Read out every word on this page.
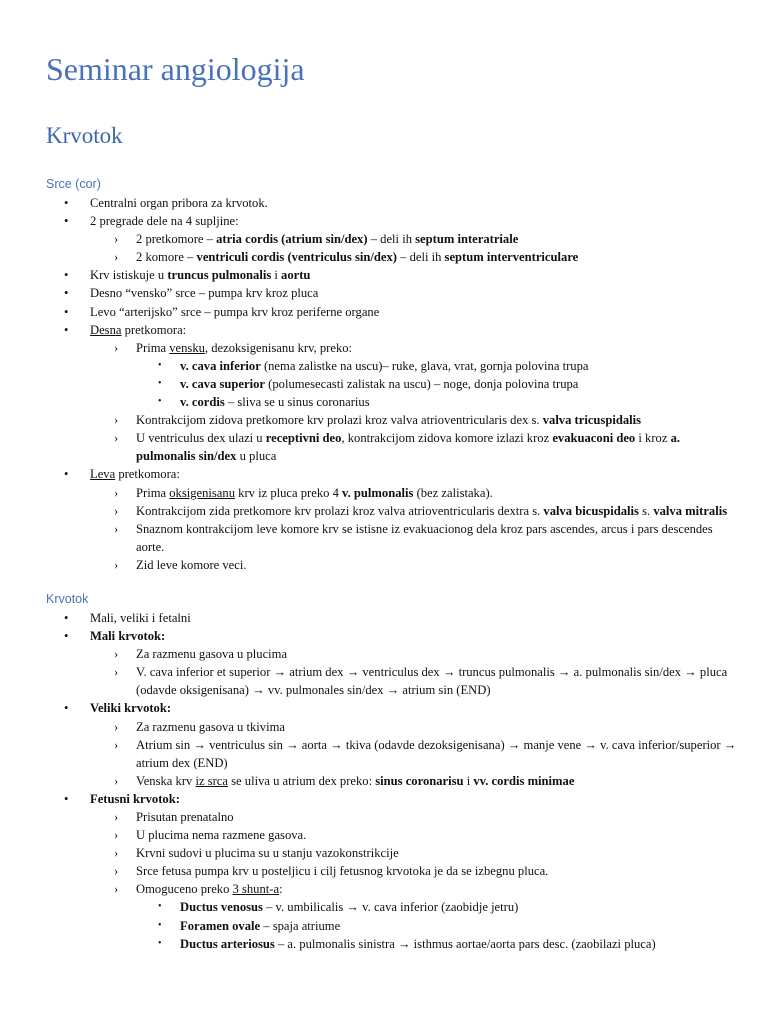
Seminar angiologija
Krvotok
Srce (cor)
• Centralni organ pribora za krvotok.
• 2 pregrade dele na 4 supljine:
› 2 pretkomore – atria cordis (atrium sin/dex) – deli ih septum interatriale
› 2 komore – ventriculi cordis (ventriculus sin/dex) – deli ih septum interventriculare
• Krv istiskuje u truncus pulmonalis i aortu
• Desno “vensko” srce – pumpa krv kroz pluca
• Levo “arterijsko” srce – pumpa krv kroz periferne organe
• Desna pretkomora:
› Prima vensku, dezoksigenisanu krv, preko:
• v. cava inferior (nema zalistke na uscu)– ruke, glava, vrat, gornja polovina trupa
• v. cava superior (polumesecasti zalistak na uscu) – noge, donja polovina trupa
• v. cordis – sliva se u sinus coronarius
› Kontrakcijom zidova pretkomore krv prolazi kroz valva atrioventricularis dex s. valva tricuspidalis
› U ventriculus dex ulazi u receptivni deo, kontrakcijom zidova komore izlazi kroz evakuaconi deo i kroz a. pulmonalis sin/dex u pluca
• Leva pretkomora:
› Prima oksigenisanu krv iz pluca preko 4 v. pulmonalis (bez zalistaka).
› Kontrakcijom zida pretkomore krv prolazi kroz valva atrioventricularis dextra s. valva bicuspidalis s. valva mitralis
› Snaznom kontrakcijom leve komore krv se istisne iz evakuacionog dela kroz pars ascendes, arcus i pars descendes aorte.
› Zid leve komore veci.
Krvotok
• Mali, veliki i fetalni
• Mali krvotok:
› Za razmenu gasova u plucima
› V. cava inferior et superior → atrium dex → ventriculus dex → truncus pulmonalis → a. pulmonalis sin/dex → pluca (odavde oksigenisana) → vv. pulmonales sin/dex → atrium sin (END)
• Veliki krvotok:
› Za razmenu gasova u tkivima
› Atrium sin → ventriculus sin → aorta → tkiva (odavde dezoksigenisana) → manje vene → v. cava inferior/superior → atrium dex (END)
› Venska krv iz srca se uliva u atrium dex preko: sinus coronarisu i vv. cordis minimae
• Fetusni krvotok:
› Prisutan prenatalno
› U plucima nema razmene gasova.
› Krvni sudovi u plucima su u stanju vazokonstrikcije
› Srce fetusa pumpa krv u posteljicu i cilj fetusnog krvotoka je da se izbegnu pluca.
› Omoguceno preko 3 shunt-a:
• Ductus venosus – v. umbilicalis → v. cava inferior (zaobidje jetru)
• Foramen ovale – spaja atriume
• Ductus arteriosus – a. pulmonalis sinistra → isthmus aortae/aorta pars desc. (zaobilazi pluca)
